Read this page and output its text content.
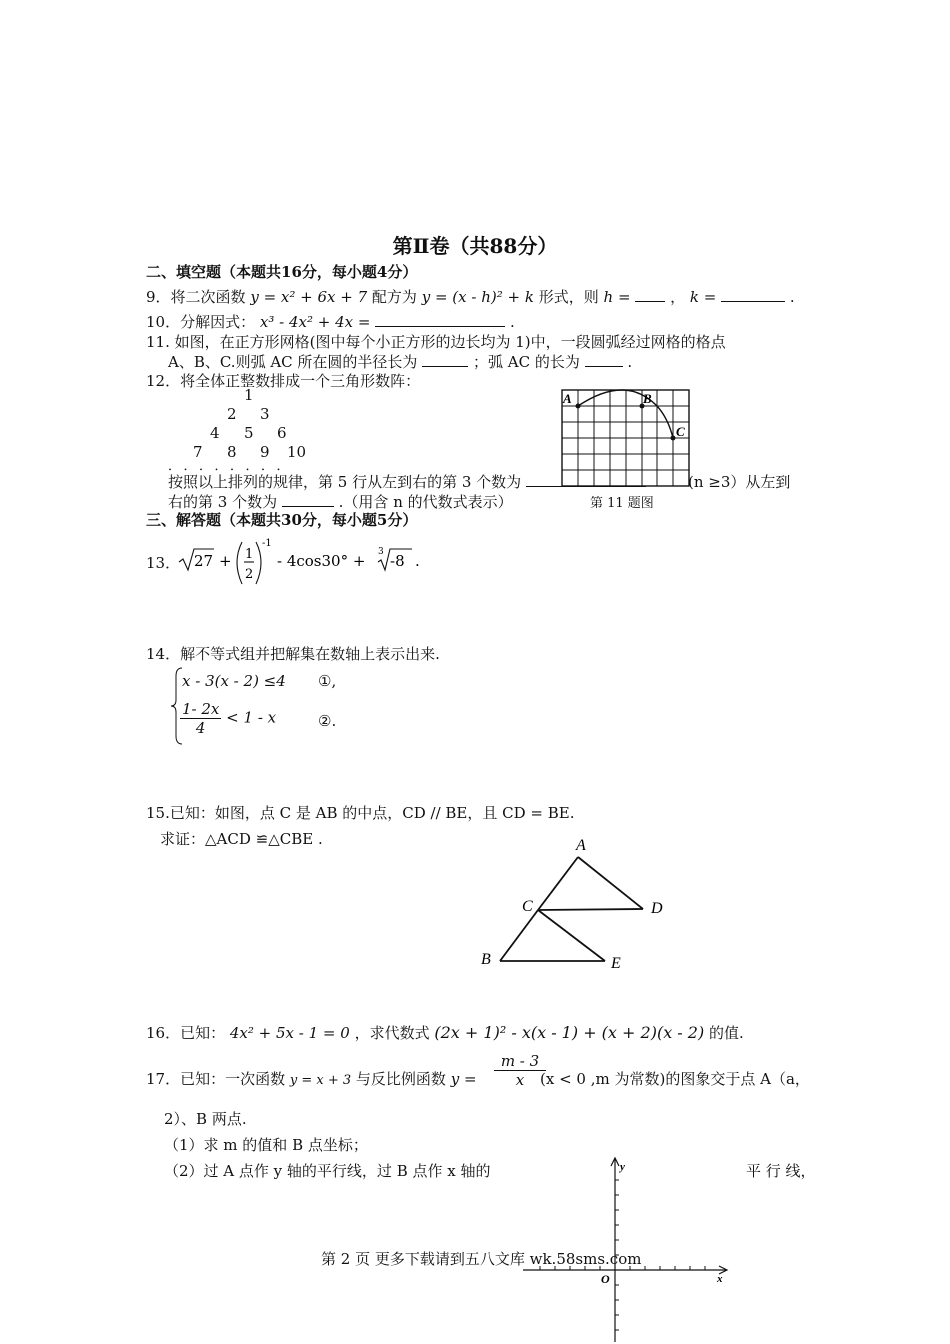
第Ⅱ卷（共88分）
二、填空题（本题共16分，每小题4分）
9．将二次函数 y = x² + 6x + 7 配方为 y = (x - h)² + k 形式，则 h =	， k =	.
10．分解因式： x³ - 4x² + 4x =	.
11. 如图，在正方形网格(图中每个小正方形的边长均为 1)中，一段圆弧经过网格的格点
A、B、C.则弧 AC 所在圆的半径长为	；弧 AC 的长为	.
A	B
C
第 11 题图
12．将全体正整数排成一个三角形数阵：
1
2 3
4 5 6
7 8 9 10
．．．．．．．．
按照以上排列的规律，第 5 行从左到右的第 3 个数为	(n ≥3）从左到
右的第 3 个数为	.（用含 n 的代数式表示）
三、解答题（本题共30分，每小题5分）
13． 27 + 1
2
-1
- 4cos30° + 3 -8 .
14．解不等式组并把解集在数轴上表示出来.
x - 3(x - 2) ≤4 ①,
$\frac{1- 2x}{4} < 1 - x$	②.
15.已知：如图，点 C 是 AB 的中点，CD // BE，且 CD = BE.
求证：△ACD ≌△CBE .	A
C	D
B	E
16．已知： 4x² + 5x - 1 = 0 ，求代数式 (2x + 1)² - x(x - 1) + (x + 2)(x - 2) 的值.
17．已知：一次函数 y = x + 3 与反比例函数 $y = \frac{m - 3}{x}$
(x < 0 ,m 为常数)的图象交于点 A（a，
2）、B 两点.
（1）求 m 的值和 B 点坐标；
（2）过 A 点作 y 轴的平行线，过 B 点作 x 轴的	平 行 线，
y
x
O
第 2 页 更多下载请到五八文库 wk.58sms.com
